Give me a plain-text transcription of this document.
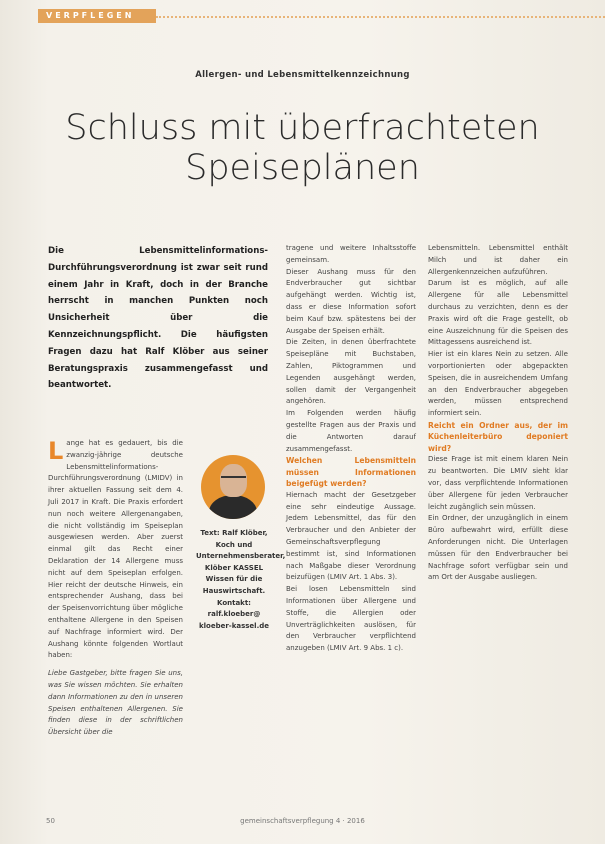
VERPFLEGEN
Allergen- und Lebensmittelkennzeichnung
Schluss mit überfrachteten
Speiseplänen
Die Lebensmittelinformations-Durchführungsverordnung ist zwar seit rund einem Jahr in Kraft, doch in der Branche herrscht in manchen Punkten noch Unsicherheit über die Kennzeichnungspflicht. Die häufigsten Fragen dazu hat Ralf Klöber aus seiner Beratungspraxis zusammengefasst und beantwortet.
L ange hat es gedauert, bis die zwanzig-jährige deutsche Lebensmittelinformations-Durchführungsverordnung (LMIDV) in ihrer aktuellen Fassung seit dem 4. Juli 2017 in Kraft. Die Praxis erfordert nun noch weitere Allergenangaben, die nicht vollständig im Speiseplan ausgewiesen werden. Aber zuerst einmal gilt das Recht einer Deklaration der 14 Allergene muss nicht auf dem Speiseplan erfolgen. Hier reicht der deutsche Hinweis, ein entsprechender Aushang, dass bei der Speisenvorrichtung über mögliche enthaltene Allergene in den Speisen auf Nachfrage informiert wird. Der Aushang könnte folgenden Wortlaut haben:

Liebe Gastgeber, bitte fragen Sie uns, was Sie wissen möchten. Sie erhalten dann Informationen zu den in unseren Speisen enthaltenen Allergenen. Sie finden diese in der schriftlichen Übersicht über die

Text: Ralf Klöber, Koch und Unternehmensberater, Klöber KASSEL Wissen für die Hauswirtschaft. Kontakt: ralf.kloeber@ kloeber-kassel.de

tragene und weitere Inhaltsstoffe gemeinsam.

Dieser Aushang muss für den Endverbraucher gut sichtbar aufgehängt werden. Wichtig ist, dass er diese Information sofort beim Kauf bzw. spätestens bei der Ausgabe der Speisen erhält.

Die Zeiten, in denen überfrachtete Speisepläne mit Buchstaben, Zahlen, Piktogrammen und Legenden ausgehängt werden, sollen damit der Vergangenheit angehören.

Im Folgenden werden häufig gestellte Fragen aus der Praxis und die Antworten darauf zusammengefasst.

Welchen Lebensmitteln müssen Informationen beigefügt werden?

Hiernach macht der Gesetzgeber eine sehr eindeutige Aussage. Jedem Lebensmittel, das für den Verbraucher und den Anbieter der Gemeinschaftsverpflegung bestimmt ist, sind Informationen nach Maßgabe dieser Verordnung beizufügen (LMIV Art. 1 Abs. 3).

Bei losen Lebensmitteln sind Informationen über Allergene und Stoffe, die Allergien oder Unverträglichkeiten auslösen, für den Verbraucher verpflichtend anzugeben (LMIV Art. 9 Abs. 1 c).

Lebensmitteln. Lebensmittel enthält Milch und ist daher ein Allergenkennzeichen aufzuführen.

Darum ist es möglich, auf alle Allergene für alle Lebensmittel durchaus zu verzichten, denn es der Praxis wird oft die Frage gestellt, ob eine Auszeichnung für die Speisen des Mittagessens ausreichend ist.

Hier ist ein klares Nein zu setzen. Alle vorportionierten oder abgepackten Speisen, die in ausreichendem Umfang an den Endverbraucher abgegeben werden, müssen entsprechend informiert sein.

Reicht ein Ordner aus, der im Küchenleiterbüro deponiert wird?

Diese Frage ist mit einem klaren Nein zu beantworten. Die LMIV sieht klar vor, dass verpflichtende Informationen über Allergene für jeden Verbraucher leicht zugänglich sein müssen.

Ein Ordner, der unzugänglich in einem Büro aufbewahrt wird, erfüllt diese Anforderungen nicht. Die Unterlagen müssen für den Endverbraucher bei Nachfrage sofort verfügbar sein und am Ort der Ausgabe ausliegen.

50	gemeinschaftsverpflegung 4 · 2016
